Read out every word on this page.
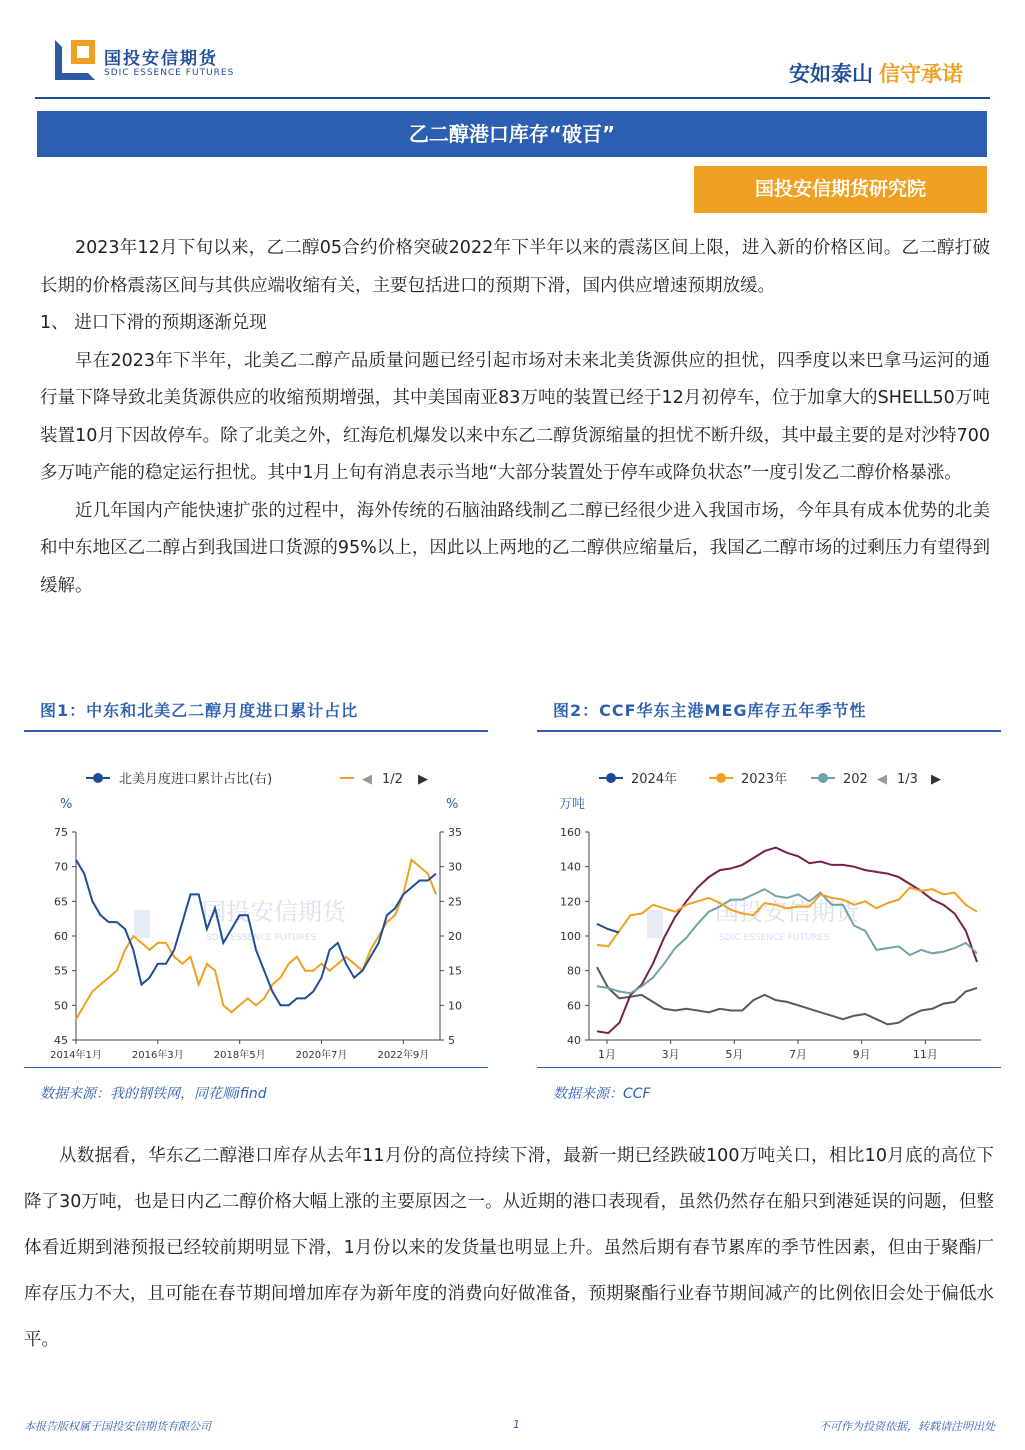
国投安信期货
SDIC ESSENCE FUTURES	安如泰山 信守承诺
乙二醇港口库存“破百”
国投安信期货研究院

2023年12月下旬以来，乙二醇05合约价格突破2022年下半年以来的震荡区间上限，进入新的价格区间。乙二醇打破长期的价格震荡区间与其供应端收缩有关，主要包括进口的预期下滑，国内供应增速预期放缓。

1、 进口下滑的预期逐渐兑现

早在2023年下半年，北美乙二醇产品质量问题已经引起市场对未来北美货源供应的担忧，四季度以来巴拿马运河的通行量下降导致北美货源供应的收缩预期增强，其中美国南亚83万吨的装置已经于12月初停车，位于加拿大的SHELL50万吨装置10月下因故停车。除了北美之外，红海危机爆发以来中东乙二醇货源缩量的担忧不断升级，其中最主要的是对沙特700多万吨产能的稳定运行担忧。其中1月上旬有消息表示当地“大部分装置处于停车或降负状态”一度引发乙二醇价格暴涨。

近几年国内产能快速扩张的过程中，海外传统的石脑油路线制乙二醇已经很少进入我国市场，今年具有成本优势的北美和中东地区乙二醇占到我国进口货源的95%以上，因此以上两地的乙二醇供应缩量后，我国乙二醇市场的过剩压力有望得到缓解。

图1：中东和北美乙二醇月度进口累计占比
北美月度进口累计占比(右)	◀ 1/2 ▶
%	%
45
50
55
60
65
70
75
5
10
15
20
25
30
35
2014年1月	2016年3月	2018年5月	2020年7月	2022年9月
国投安信期货
SDIC ESSENCE FUTURES
数据来源：我的钢铁网，同花顺ifind
图2：CCF华东主港MEG库存五年季节性
2024年	2023年	202 ◀ 1/3 ▶
万吨
40
60
80
100
120
140
160
1月	3月	5月	7月	9月	11月
国投安信期货
SDIC ESSENCE FUTURES
数据来源：CCF

从数据看，华东乙二醇港口库存从去年11月份的高位持续下滑，最新一期已经跌破100万吨关口，相比10月底的高位下降了30万吨，也是日内乙二醇价格大幅上涨的主要原因之一。从近期的港口表现看，虽然仍然存在船只到港延误的问题，但整体看近期到港预报已经较前期明显下滑，1月份以来的发货量也明显上升。虽然后期有春节累库的季节性因素，但由于聚酯厂库存压力不大，且可能在春节期间增加库存为新年度的消费向好做准备，预期聚酯行业春节期间减产的比例依旧会处于偏低水平。

本报告版权属于国投安信期货有限公司	1	不可作为投资依据，转载请注明出处
